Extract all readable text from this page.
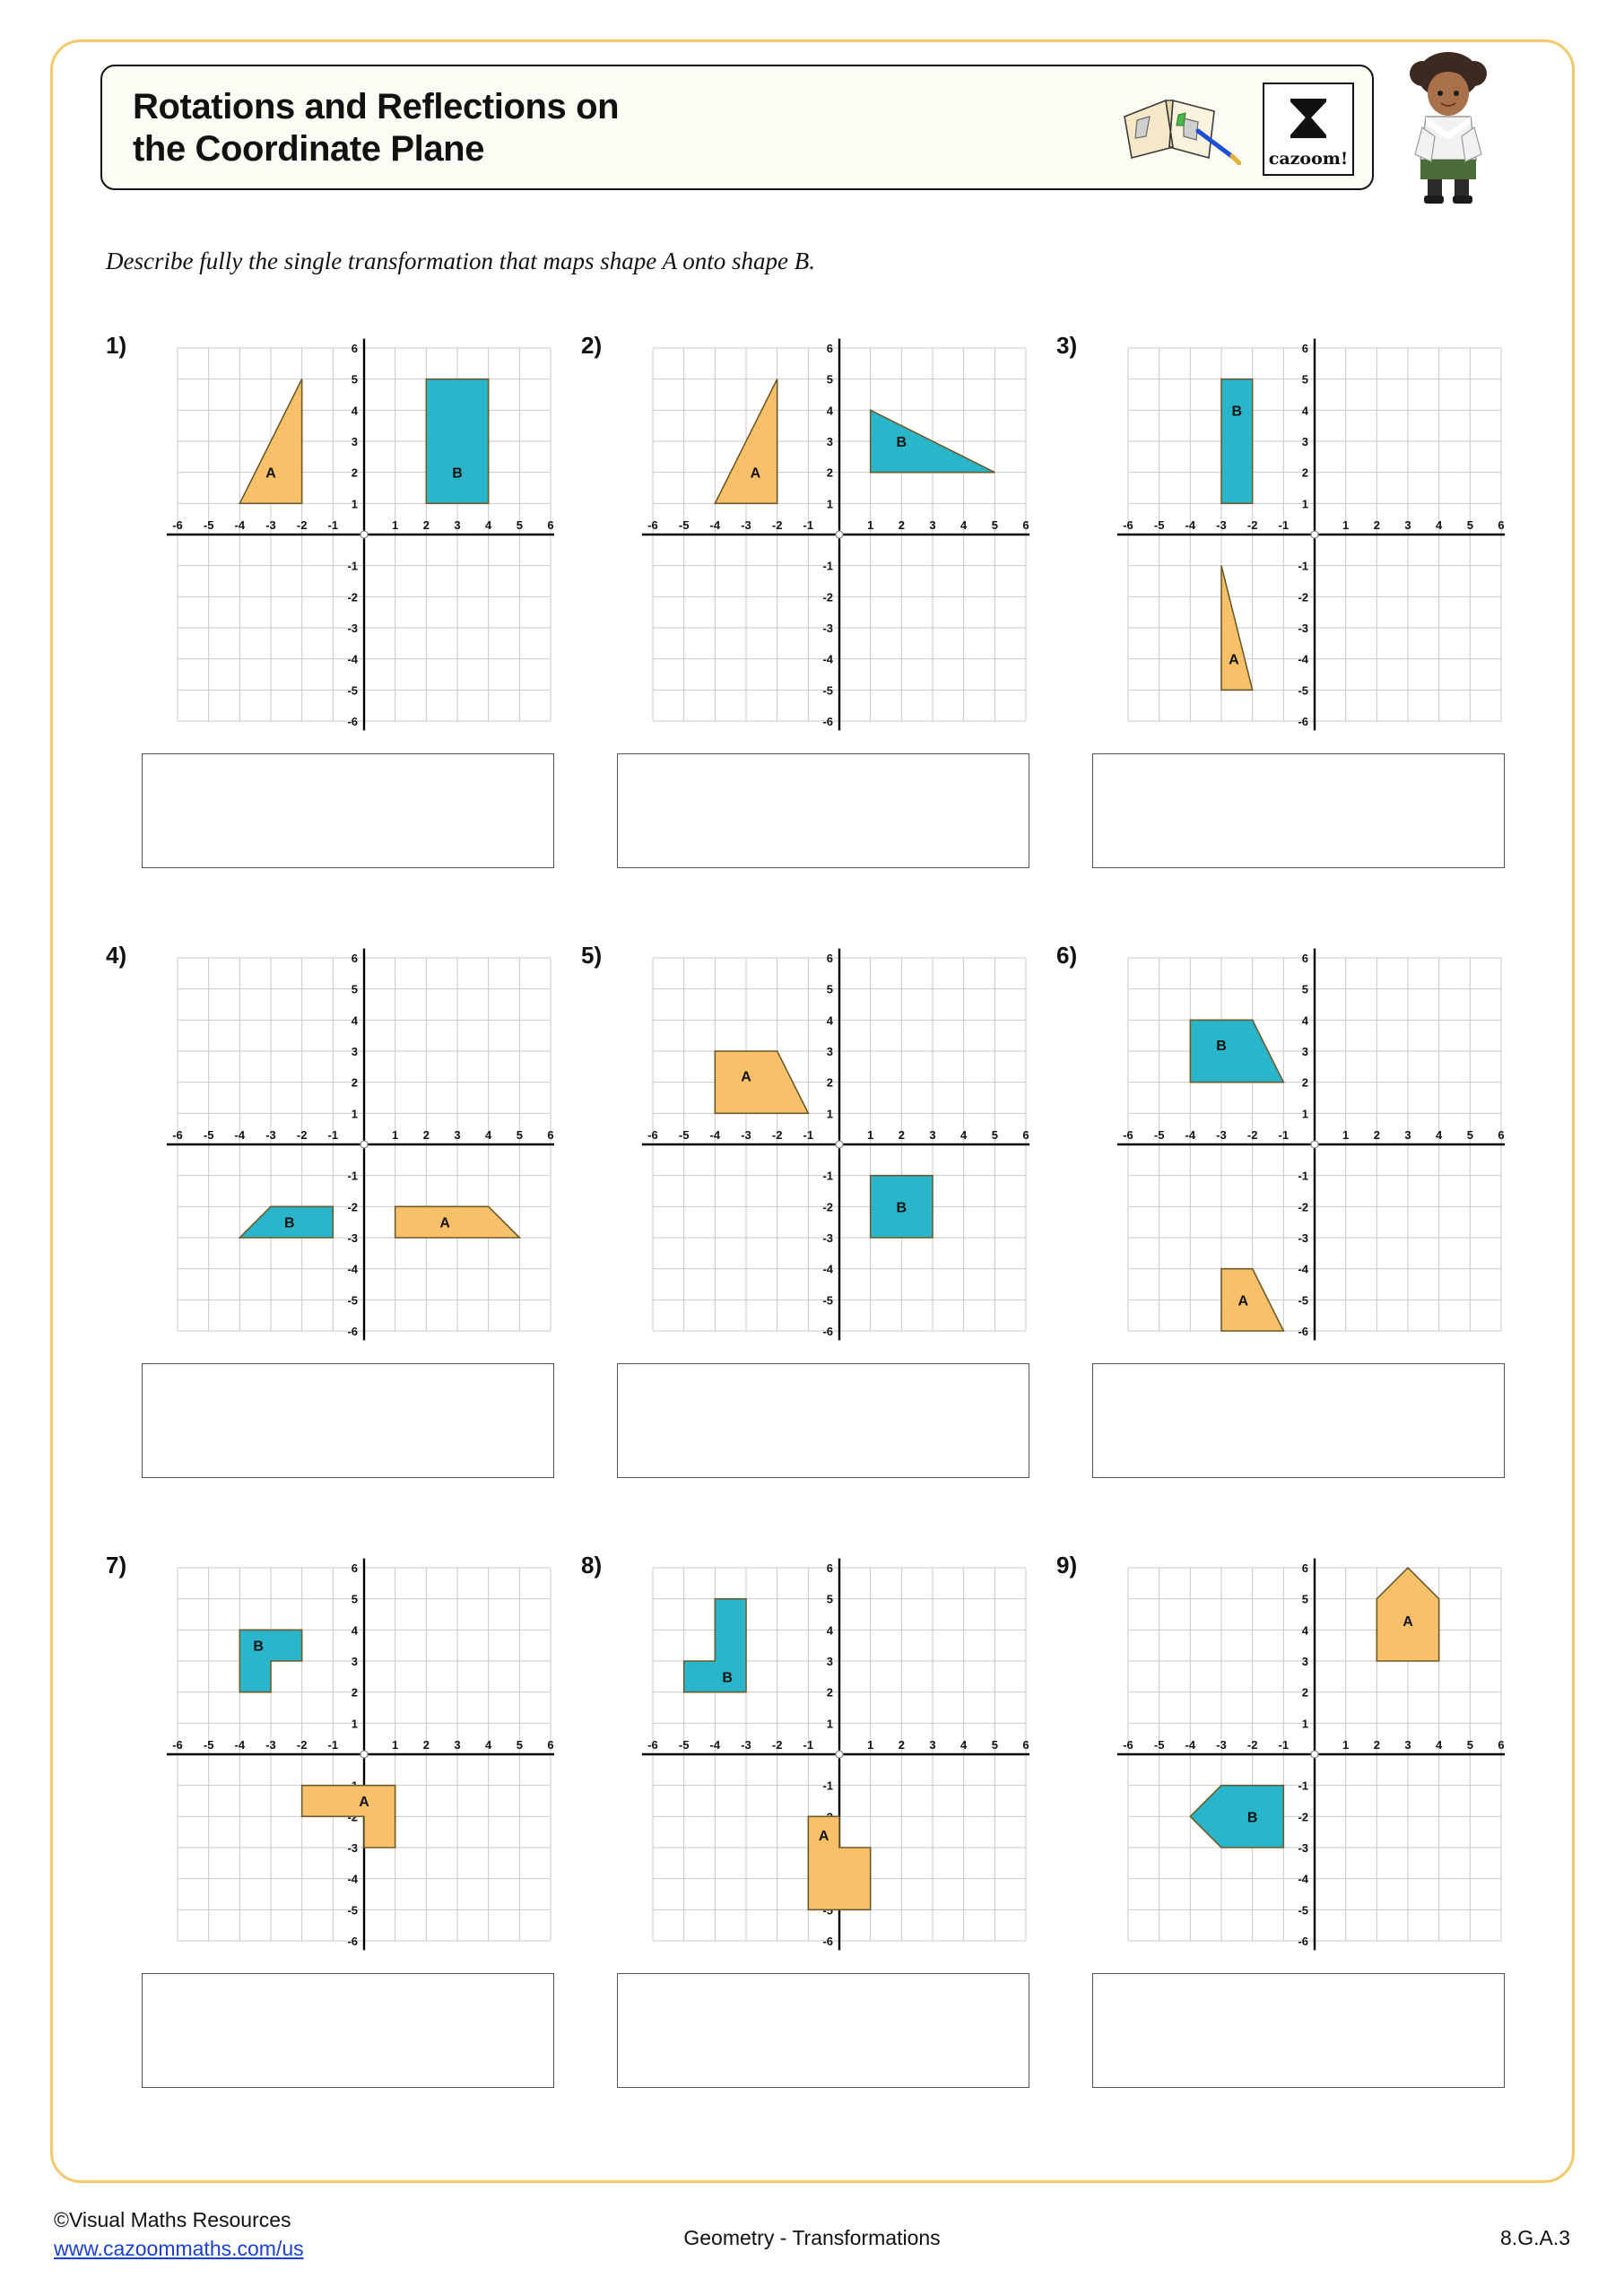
Rotations and Reflections on
the Coordinate Plane	cazoom!
Describe fully the single transformation that maps shape A onto shape B.
1)
-6
-6
-5
-5
-4
-4
-3
-3
-2
-2
-1
-1
1
1
2
2
3
3
4
4
5
5
6
6
A	B
2)
-6
-6
-5
-5
-4
-4
-3
-3
-2
-2
-1
-1
1
1
2
2
3
3
4
4
5
5
6
6
A
B
3)
-6
-6
-5
-5
-4
-4
-3
-3
-2
-2
-1
-1
1
1
2
2
3
3
4
4
5
5
6
6
B
A
4)
-6
-6
-5
-5
-4
-4
-3
-3
-2
-2
-1
-1
1
1
2
2
3
3
4
4
5
5
6
6
B	A
5)
-6
-6
-5
-5
-4
-4
-3
-3
-2
-2
-1
-1
1
1
2
2
3
3
4
4
5
5
6
6
A
B
6)
-6
-6
-5
-5
-4
-4
-3
-3
-2
-2
-1
-1
1
1
2
2
3
3
4
4
5
5
6
6
B
A
7)
-6
-6
-5
-5
-4
-4
-3
-3
-2 -1	1
1
2
2
3
3
4
4
5
5
6
6
B
A
8)
-6
-6
-5 -4 -3 -2 -1
-1
1
1
2
2
3
3
4
4
5
5
6
6
B
A
9)
-6
-6
-5
-5
-4
-4
-3
-3
-2
-2
-1
-1
1
1
2
2
3
3
4
4
5
5
6
6
A
B
©Visual Maths Resources
www.cazoommaths.com/us	Geometry - Transformations	8.G.A.3
